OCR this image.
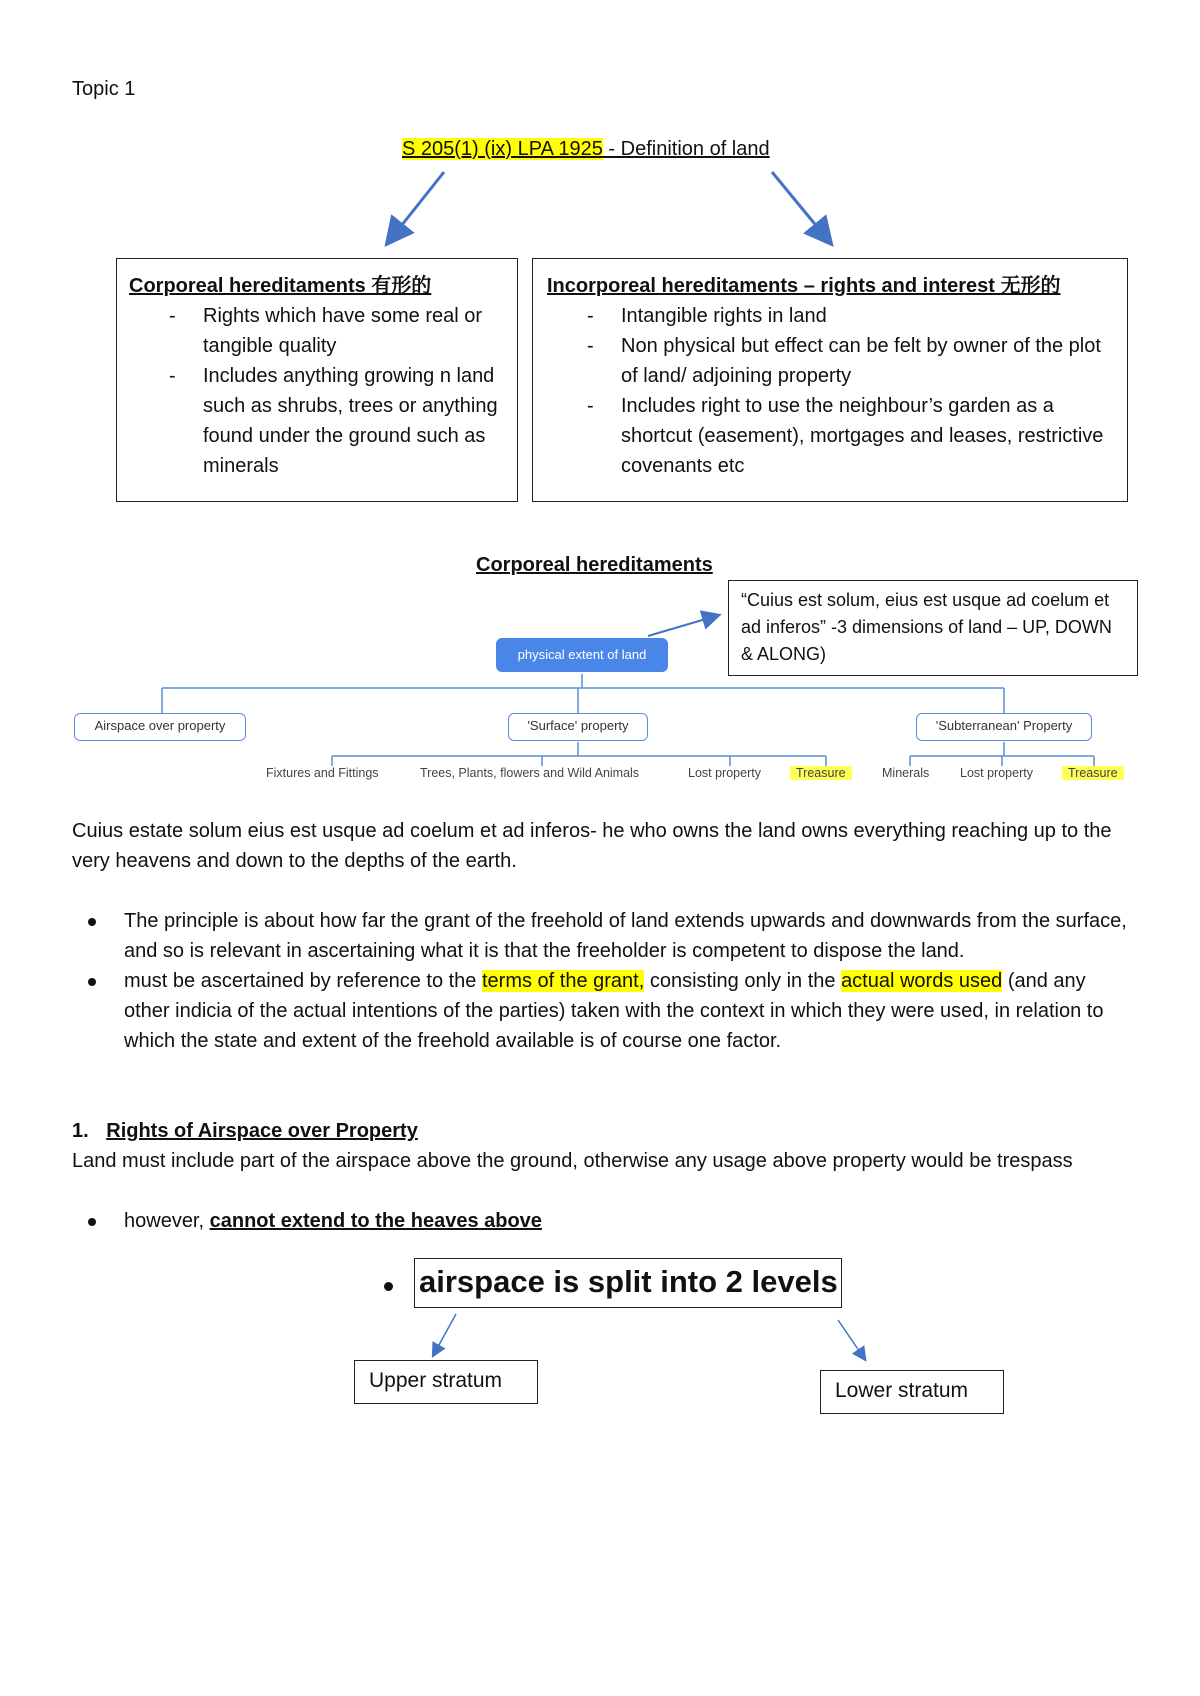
Topic 1
S 205(1) (ix) LPA 1925 - Definition of land
Corporeal hereditaments 有形的
- Rights which have some real or tangible quality
- Includes anything growing n land such as shrubs, trees or anything found under the ground such as minerals
Incorporeal hereditaments – rights and interest 无形的
- Intangible rights in land
- Non physical but effect can be felt by owner of the plot of land/ adjoining property
- Includes right to use the neighbour’s garden as a shortcut (easement), mortgages and leases, restrictive covenants etc
Corporeal hereditaments
“Cuius est solum, eius est usque ad coelum et ad inferos” -3 dimensions of land – UP, DOWN & ALONG)
physical extent of land
Airspace over property	'Surface' property	'Subterranean' Property
Fixtures and Fittings	Trees, Plants, flowers and Wild Animals	Lost property	Treasure	Minerals Lost property	Treasure
Cuius estate solum eius est usque ad coelum et ad inferos- he who owns the land owns everything reaching up to the very heavens and down to the depths of the earth.
The principle is about how far the grant of the freehold of land extends upwards and downwards from the surface, and so is relevant in ascertaining what it is that the freeholder is competent to dispose the land.
must be ascertained by reference to the terms of the grant, consisting only in the actual words used (and any other indicia of the actual intentions of the parties) taken with the context in which they were used, in relation to which the state and extent of the freehold available is of course one factor.
1. Rights of Airspace over Property
Land must include part of the airspace above the ground, otherwise any usage above property would be trespass
however, cannot extend to the heaves above
airspace is split into 2 levels
Upper stratum	Lower stratum
